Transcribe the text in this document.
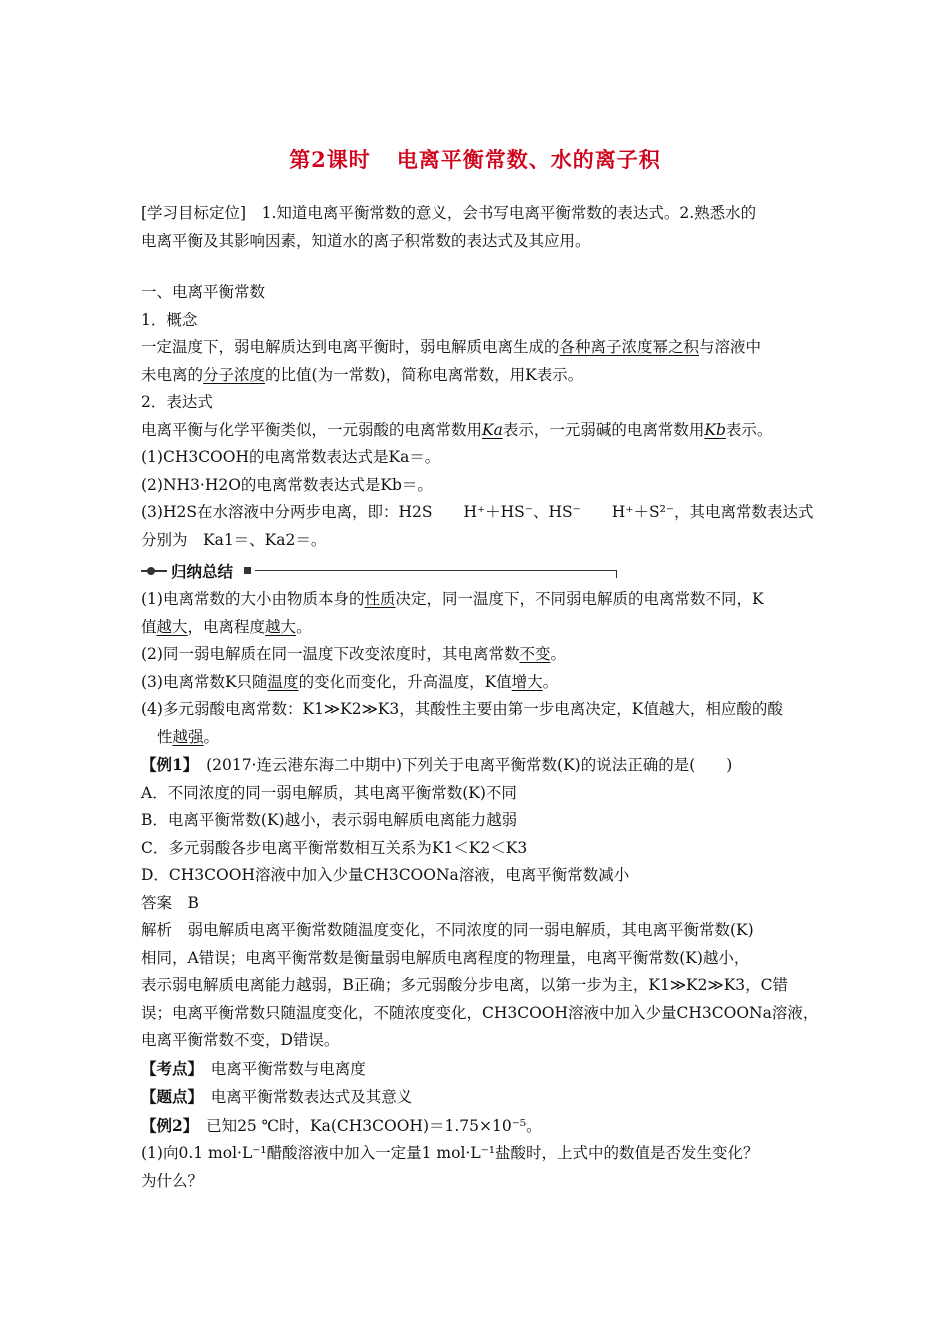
第2课时 电离平衡常数、水的离子积
[学习目标定位]　1.知道电离平衡常数的意义，会书写电离平衡常数的表达式。2.熟悉水的
电离平衡及其影响因素，知道水的离子积常数的表达式及其应用。
一、电离平衡常数
1．概念
一定温度下，弱电解质达到电离平衡时，弱电解质电离生成的各种离子浓度幂之积与溶液中
未电离的分子浓度的比值(为一常数)，简称电离常数，用K表示。
2．表达式
电离平衡与化学平衡类似，一元弱酸的电离常数用Ka表示，一元弱碱的电离常数用Kb表示。
(1)CH3COOH的电离常数表达式是Ka＝。
(2)NH3·H2O的电离常数表达式是Kb＝。
(3)H2S在水溶液中分两步电离，即：H2S　　H⁺＋HS⁻、HS⁻　　H⁺＋S²⁻，其电离常数表达式
分别为　Ka1＝、Ka2＝。
归纳总结
(1)电离常数的大小由物质本身的性质决定，同一温度下，不同弱电解质的电离常数不同，K
值越大，电离程度越大。
(2)同一弱电解质在同一温度下改变浓度时，其电离常数不变。
(3)电离常数K只随温度的变化而变化，升高温度，K值增大。
(4)多元弱酸电离常数：K1≫K2≫K3，其酸性主要由第一步电离决定，K值越大，相应酸的酸
性越强。
【例1】　 (2017·连云港东海二中期中)下列关于电离平衡常数(K)的说法正确的是(　　)
A．不同浓度的同一弱电解质，其电离平衡常数(K)不同
B．电离平衡常数(K)越小，表示弱电解质电离能力越弱
C．多元弱酸各步电离平衡常数相互关系为K1＜K2＜K3
D．CH3COOH溶液中加入少量CH3COONa溶液，电离平衡常数减小
答案　B
解析　弱电解质电离平衡常数随温度变化，不同浓度的同一弱电解质，其电离平衡常数(K)
相同，A错误；电离平衡常数是衡量弱电解质电离程度的物理量，电离平衡常数(K)越小，
表示弱电解质电离能力越弱，B正确；多元弱酸分步电离，以第一步为主，K1≫K2≫K3，C错
误；电离平衡常数只随温度变化，不随浓度变化，CH3COOH溶液中加入少量CH3COONa溶液，
电离平衡常数不变，D错误。
【考点】　 电离平衡常数与电离度
【题点】　 电离平衡常数表达式及其意义
【例2】　 已知25 ℃时，Ka(CH3COOH)＝1.75×10⁻⁵。
(1)向0.1 mol·L⁻¹醋酸溶液中加入一定量1 mol·L⁻¹盐酸时，上式中的数值是否发生变化？
为什么？
